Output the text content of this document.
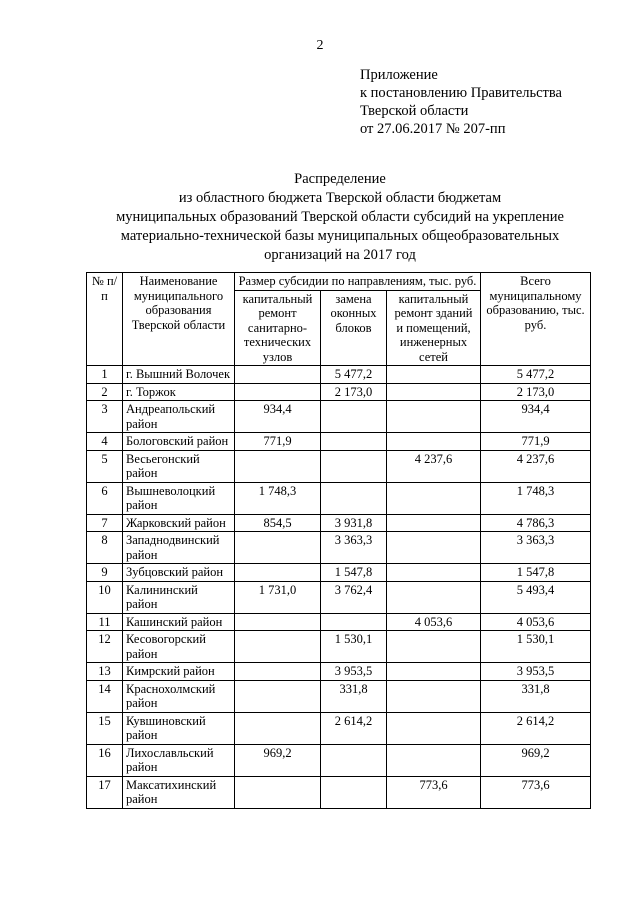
2
Приложение
к постановлению Правительства
Тверской области
от 27.06.2017 № 207-пп
Распределение
из областного бюджета Тверской области бюджетам
муниципальных образований Тверской области субсидий на укрепление
материально-технической базы муниципальных общеобразовательных
организаций на 2017 год
№ п/п	Наименование муниципального образования Тверской области	Размер субсидии по направлениям, тыс. руб.			Всего муниципальному образованию, тыс. руб.
		капитальный ремонт санитарно-технических узлов	замена оконных блоков	капитальный ремонт зданий и помещений, инженерных сетей	
1	г. Вышний Волочек		5 477,2		5 477,2
2	г. Торжок		2 173,0		2 173,0
3	Андреапольский район	934,4			934,4
4	Бологовский район	771,9			771,9
5	Весьегонский район			4 237,6	4 237,6
6	Вышневолоцкий район	1 748,3			1 748,3
7	Жарковский район	854,5	3 931,8		4 786,3
8	Западнодвинский район		3 363,3		3 363,3
9	Зубцовский район		1 547,8		1 547,8
10	Калининский район	1 731,0	3 762,4		5 493,4
11	Кашинский район			4 053,6	4 053,6
12	Кесовогорский район		1 530,1		1 530,1
13	Кимрский район		3 953,5		3 953,5
14	Краснохолмский район		331,8		331,8
15	Кувшиновский район		2 614,2		2 614,2
16	Лихославльский район	969,2			969,2
17	Максатихинский район			773,6	773,6
